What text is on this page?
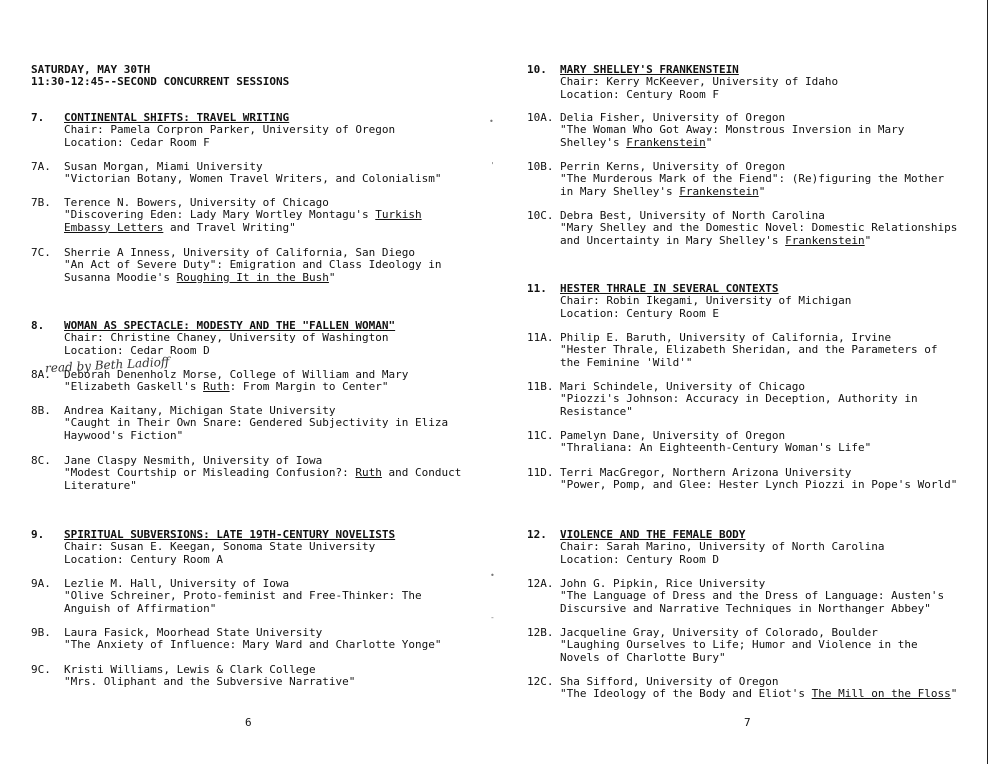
SATURDAY, MAY 30TH
11:30-12:45--SECOND CONCURRENT SESSIONS
7. CONTINENTAL SHIFTS: TRAVEL WRITING
Chair: Pamela Corpron Parker, University of Oregon
Location: Cedar Room F
7A. Susan Morgan, Miami University
"Victorian Botany, Women Travel Writers, and Colonialism"
7B. Terence N. Bowers, University of Chicago
"Discovering Eden: Lady Mary Wortley Montagu's Turkish
Embassy Letters and Travel Writing"
7C. Sherrie A Inness, University of California, San Diego
"An Act of Severe Duty": Emigration and Class Ideology in
Susanna Moodie's Roughing It in the Bush"
8. WOMAN AS SPECTACLE: MODESTY AND THE "FALLEN WOMAN"
Chair: Christine Chaney, University of Washington
Location: Cedar Room D
8A. Deborah Denenholz Morse, College of William and Mary
"Elizabeth Gaskell's Ruth: From Margin to Center"
8B. Andrea Kaitany, Michigan State University
"Caught in Their Own Snare: Gendered Subjectivity in Eliza
Haywood's Fiction"
8C. Jane Claspy Nesmith, University of Iowa
"Modest Courtship or Misleading Confusion?: Ruth and Conduct
Literature"
9. SPIRITUAL SUBVERSIONS: LATE 19TH-CENTURY NOVELISTS
Chair: Susan E. Keegan, Sonoma State University
Location: Century Room A
9A. Lezlie M. Hall, University of Iowa
"Olive Schreiner, Proto-feminist and Free-Thinker: The
Anguish of Affirmation"
9B. Laura Fasick, Moorhead State University
"The Anxiety of Influence: Mary Ward and Charlotte Yonge"
9C. Kristi Williams, Lewis & Clark College
"Mrs. Oliphant and the Subversive Narrative"
6
read by Beth Ladioff
•
'
•
-
10. MARY SHELLEY'S FRANKENSTEIN
Chair: Kerry McKeever, University of Idaho
Location: Century Room F
10A. Delia Fisher, University of Oregon
"The Woman Who Got Away: Monstrous Inversion in Mary
Shelley's Frankenstein"
10B. Perrin Kerns, University of Oregon
"The Murderous Mark of the Fiend": (Re)figuring the Mother
in Mary Shelley's Frankenstein"
10C. Debra Best, University of North Carolina
"Mary Shelley and the Domestic Novel: Domestic Relationships
and Uncertainty in Mary Shelley's Frankenstein"
11. HESTER THRALE IN SEVERAL CONTEXTS
Chair: Robin Ikegami, University of Michigan
Location: Century Room E
11A. Philip E. Baruth, University of California, Irvine
"Hester Thrale, Elizabeth Sheridan, and the Parameters of
the Feminine 'Wild'"
11B. Mari Schindele, University of Chicago
"Piozzi's Johnson: Accuracy in Deception, Authority in
Resistance"
11C. Pamelyn Dane, University of Oregon
"Thraliana: An Eighteenth-Century Woman's Life"
11D. Terri MacGregor, Northern Arizona University
"Power, Pomp, and Glee: Hester Lynch Piozzi in Pope's World"
12. VIOLENCE AND THE FEMALE BODY
Chair: Sarah Marino, University of North Carolina
Location: Century Room D
12A. John G. Pipkin, Rice University
"The Language of Dress and the Dress of Language: Austen's
Discursive and Narrative Techniques in Northanger Abbey"
12B. Jacqueline Gray, University of Colorado, Boulder
"Laughing Ourselves to Life; Humor and Violence in the
Novels of Charlotte Bury"
12C. Sha Sifford, University of Oregon
"The Ideology of the Body and Eliot's The Mill on the Floss"
7
